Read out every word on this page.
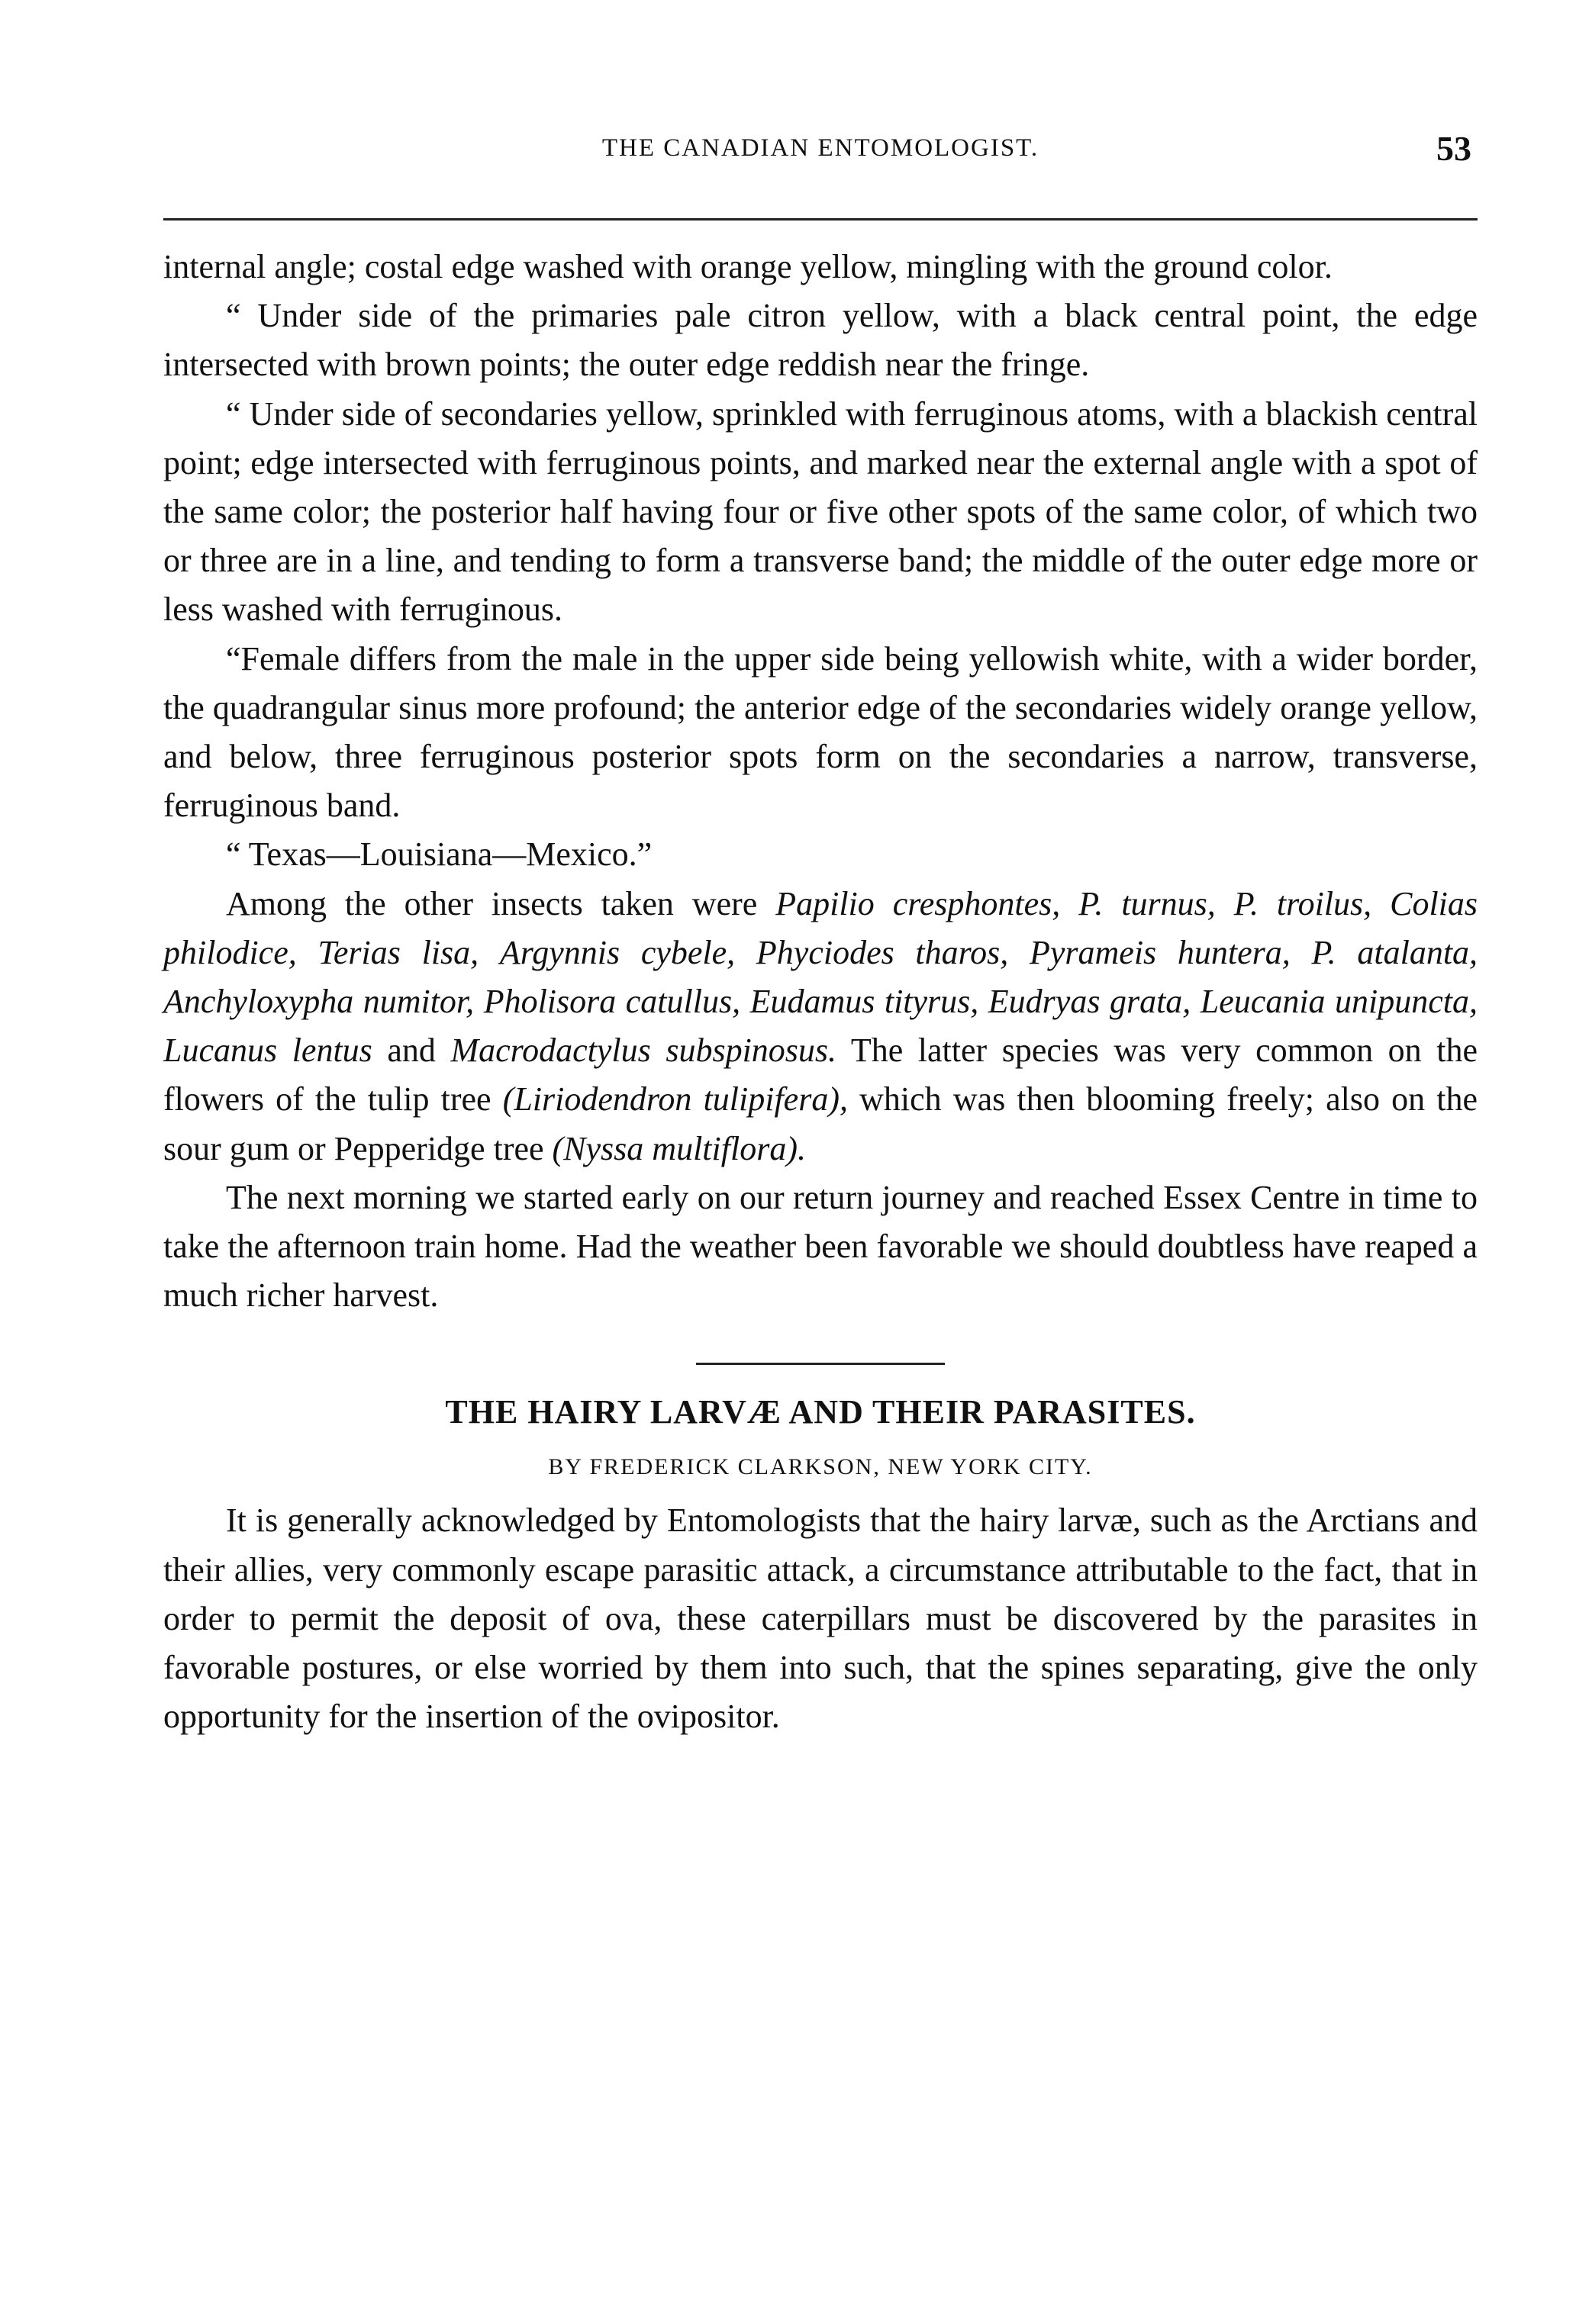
THE CANADIAN ENTOMOLOGIST.	53

internal angle; costal edge washed with orange yellow, mingling with the ground color.

“ Under side of the primaries pale citron yellow, with a black central point, the edge intersected with brown points; the outer edge reddish near the fringe.

“ Under side of secondaries yellow, sprinkled with ferruginous atoms, with a blackish central point; edge intersected with ferruginous points, and marked near the external angle with a spot of the same color; the posterior half having four or five other spots of the same color, of which two or three are in a line, and tending to form a transverse band; the middle of the outer edge more or less washed with ferruginous.

“Female differs from the male in the upper side being yellowish white, with a wider border, the quadrangular sinus more profound; the anterior edge of the secondaries widely orange yellow, and below, three ferruginous posterior spots form on the secondaries a narrow, transverse, ferruginous band.

“ Texas—Louisiana—Mexico.”

Among the other insects taken were Papilio cresphontes, P. turnus, P. troilus, Colias philodice, Terias lisa, Argynnis cybele, Phyciodes tharos, Pyrameis huntera, P. atalanta, Anchyloxypha numitor, Pholisora catullus, Eudamus tityrus, Eudryas grata, Leucania unipuncta, Lucanus lentus and Macrodactylus subspinosus. The latter species was very common on the flowers of the tulip tree (Liriodendron tulipifera), which was then blooming freely; also on the sour gum or Pepperidge tree (Nyssa multiflora).

The next morning we started early on our return journey and reached Essex Centre in time to take the afternoon train home. Had the weather been favorable we should doubtless have reaped a much richer harvest.

THE HAIRY LARVÆ AND THEIR PARASITES.
BY FREDERICK CLARKSON, NEW YORK CITY.

It is generally acknowledged by Entomologists that the hairy larvæ, such as the Arctians and their allies, very commonly escape parasitic attack, a circumstance attributable to the fact, that in order to permit the deposit of ova, these caterpillars must be discovered by the parasites in favorable postures, or else worried by them into such, that the spines separating, give the only opportunity for the insertion of the ovipositor.
